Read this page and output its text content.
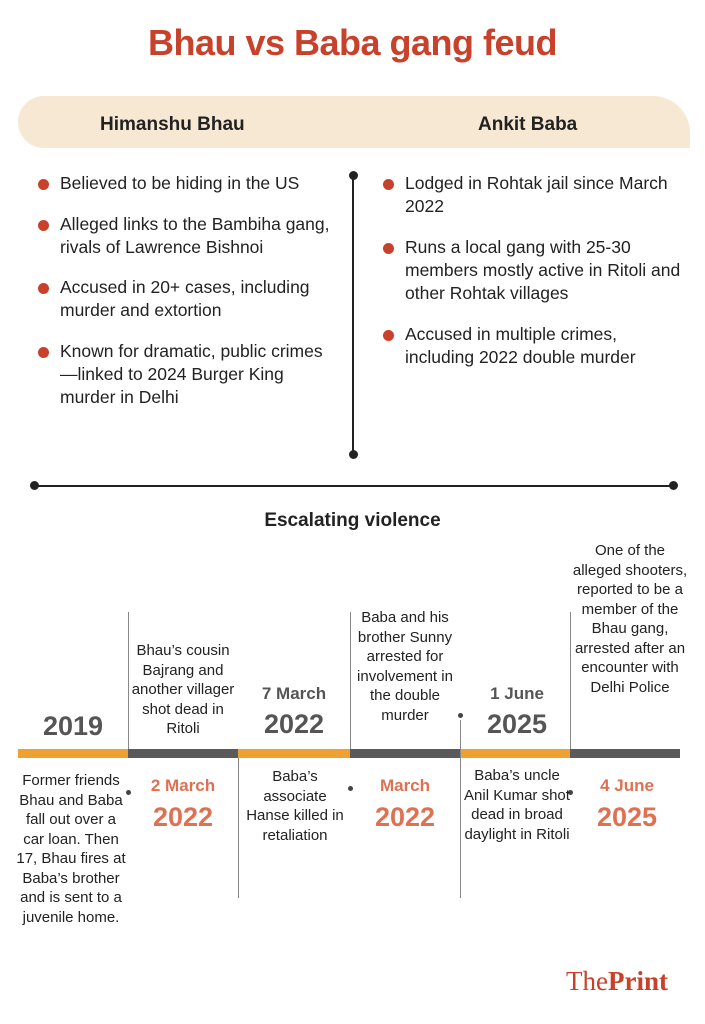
Bhau vs Baba gang feud
Himanshu Bhau	Ankit Baba
Believed to be hiding in the US
Alleged links to the Bambiha gang, rivals of Lawrence Bishnoi
Accused in 20+ cases, including murder and extortion
Known for dramatic, public crimes—linked to 2024 Burger King murder in Delhi
Lodged in Rohtak jail since March 2022
Runs a local gang with 25-30 members mostly active in Ritoli and other Rohtak villages
Accused in multiple crimes, including 2022 double murder
Escalating violence
2019
Former friends Bhau and Baba fall out over a car loan. Then 17, Bhau fires at Baba’s brother and is sent to a juvenile home.
Bhau’s cousin Bajrang and another villager shot dead in Ritoli
2 March
2022
7 March
2022
Baba’s associate Hanse killed in retaliation
Baba and his brother Sunny arrested for involvement in the double murder
March
2022
1 June
2025
Baba’s uncle Anil Kumar shot dead in broad daylight in Ritoli
One of the alleged shooters, reported to be a member of the Bhau gang, arrested after an encounter with Delhi Police
4 June
2025
ThePrint
